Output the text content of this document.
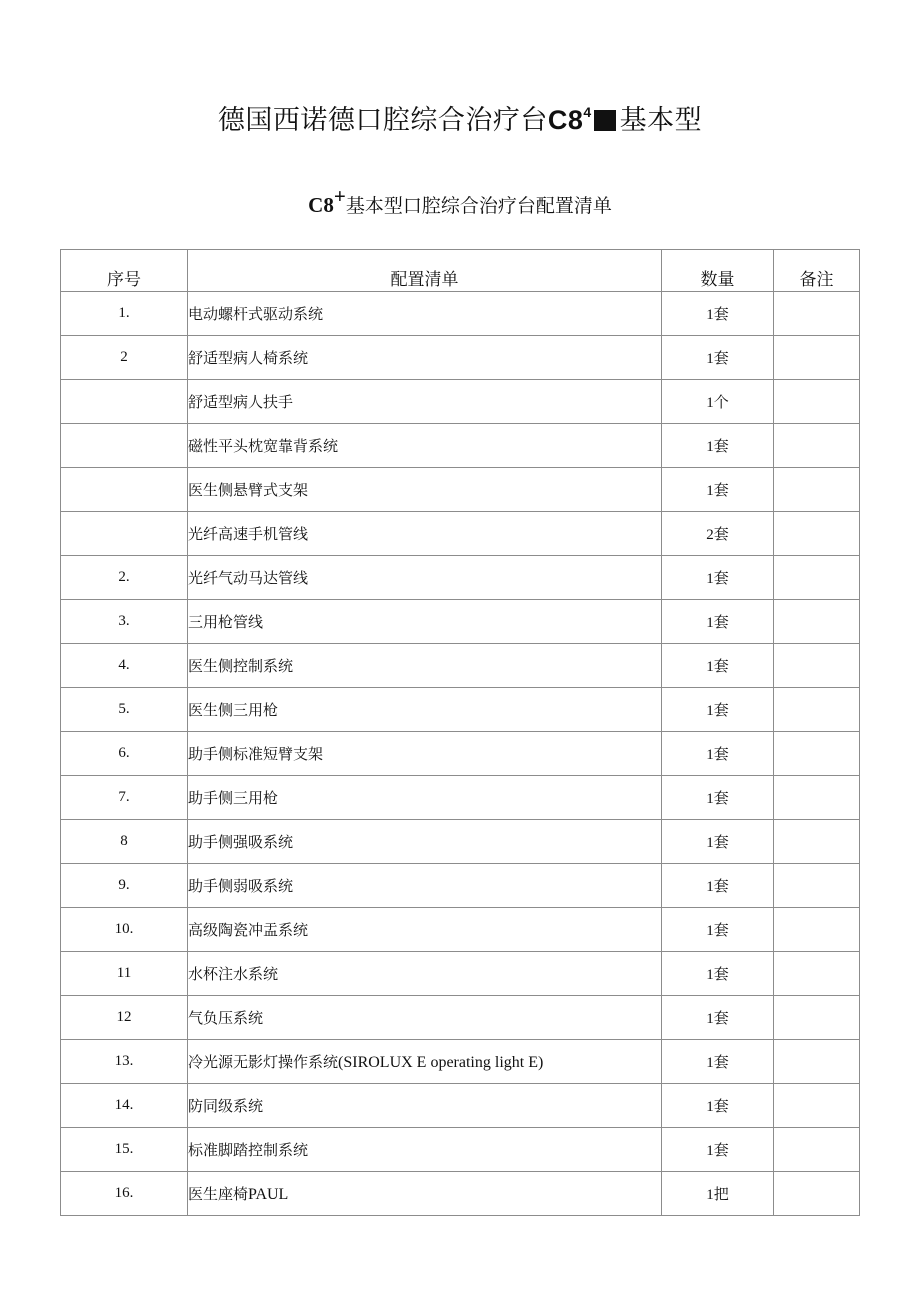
德国西诺德口腔综合治疗台$C8^4$ 基本型
C8+基本型口腔综合治疗台配置清单
序号	配置清单	数量	备注
1.	电动螺杆式驱动系统	1套	
2	舒适型病人椅系统	1套	
	舒适型病人扶手	1个	
	磁性平头枕宽靠背系统	1套	
	医生侧悬臂式支架	1套	
	光纤高速手机管线	2套	
2.	光纤气动马达管线	1套	
3.	三用枪管线	1套	
4.	医生侧控制系统	1套	
5.	医生侧三用枪	1套	
6.	助手侧标准短臂支架	1套	
7.	助手侧三用枪	1套	
8	助手侧强吸系统	1套	
9.	助手侧弱吸系统	1套	
10.	高级陶瓷冲盂系统	1套	
11	水杯注水系统	1套	
12	气负压系统	1套	
13.	冷光源无影灯操作系统(SIROLUX E operating light E)	1套	
14.	防同级系统	1套	
15.	标准脚踏控制系统	1套	
16.	医生座椅PAUL	1把	
